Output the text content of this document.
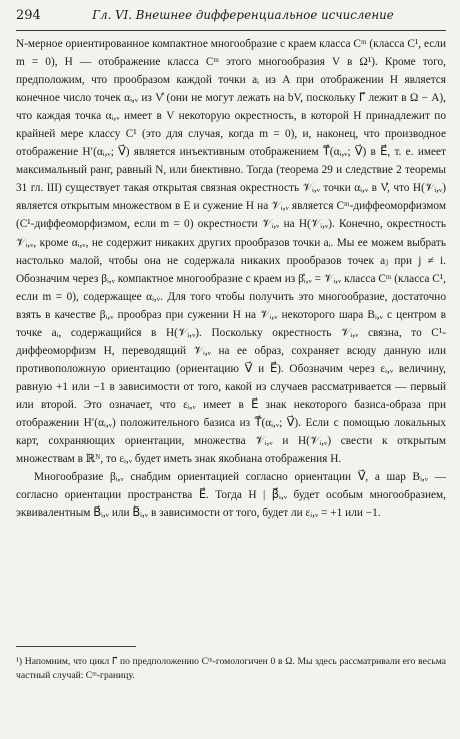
294	Гл. VI. Внешнее дифференциальное исчисление

N-мерное ориентированное компактное многообразие с краем класса Cᵐ (класса C¹, если m = 0), H — отображение класса Cᵐ этого многообразия V в Ω¹). Кроме того, предположим, что прообразом каждой точки aᵢ из A при отображении H является конечное число точек αᵢ,ᵥ из V̊ (они не могут лежать на bV, поскольку Γ⃗ лежит в Ω − A), что каждая точка αᵢ,ᵥ имеет в V некоторую окрестность, в которой H принадлежит по крайней мере классу C¹ (это для случая, когда m = 0), и, наконец, что производное отображение H′(αᵢ,ᵥ; V⃗) является инъективным отображением T⃗(αᵢ,ᵥ; V⃗) в E⃗, т. е. имеет максимальный ранг, равный N, или биективно. Тогда (теорема 29 и следствие 2 теоремы 31 гл. III) существует такая открытая связная окрестность 𝒱ᵢ,ᵥ точки αᵢ,ᵥ в V̊, что H(𝒱ᵢ,ᵥ) является открытым множеством в E и сужение H на 𝒱ᵢ,ᵥ является Cᵐ-диффеоморфизмом (C¹-диффеоморфизмом, если m = 0) окрестности 𝒱ᵢ,ᵥ на H(𝒱ᵢ,ᵥ). Конечно, окрестность 𝒱ᵢ,ᵥ, кроме αᵢ,ᵥ, не содержит никаких других прообразов точки aᵢ. Мы ее можем выбрать настолько малой, чтобы она не содержала никаких прообразов точек aⱼ при j ≠ i. Обозначим через βᵢ,ᵥ компактное многообразие с краем из β̊ᵢ,ᵥ = 𝒱ᵢ,ᵥ класса Cᵐ (класса C¹, если m = 0), содержащее αᵢ,ᵥ. Для того чтобы получить это многообразие, достаточно взять в качестве βᵢ,ᵥ прообраз при сужении H на 𝒱ᵢ,ᵥ некоторого шара Bᵢ,ᵥ с центром в точке aᵢ, содержащийся в H(𝒱ᵢ,ᵥ). Поскольку окрестность 𝒱ᵢ,ᵥ связна, то C¹-диффеоморфизм H, переводящий 𝒱ᵢ,ᵥ на ее образ, сохраняет всюду данную или противоположную ориентацию (ориентацию V⃗ и E⃗). Обозначим через εᵢ,ᵥ величину, равную +1 или −1 в зависимости от того, какой из случаев рассматривается — первый или второй. Это означает, что εᵢ,ᵥ имеет в E⃗ знак некоторого базиса-образа при отображении H′(αᵢ,ᵥ) положительного базиса из T⃗(αᵢ,ᵥ; V⃗). Если с помощью локальных карт, сохраняющих ориентации, множества 𝒱ᵢ,ᵥ и H(𝒱ᵢ,ᵥ) свести к открытым множествам в ℝᴺ, то εᵢ,ᵥ будет иметь знак якобиана отображения H.

Многообразие βᵢ,ᵥ снабдим ориентацией согласно ориентации V⃗, а шар Bᵢ,ᵥ — согласно ориентации пространства E⃗. Тогда H | β⃗ᵢ,ᵥ будет особым многообразием, эквивалентным B⃗ᵢ,ᵥ или B⃖ᵢ,ᵥ в зависимости от того, будет ли εᵢ,ᵥ = +1 или −1.

¹) Напомним, что цикл Γ⃗ по предположению Cᵐ-гомологичен 0 в Ω. Мы здесь рассматривали его весьма частный случай: Cᵐ-границу.
